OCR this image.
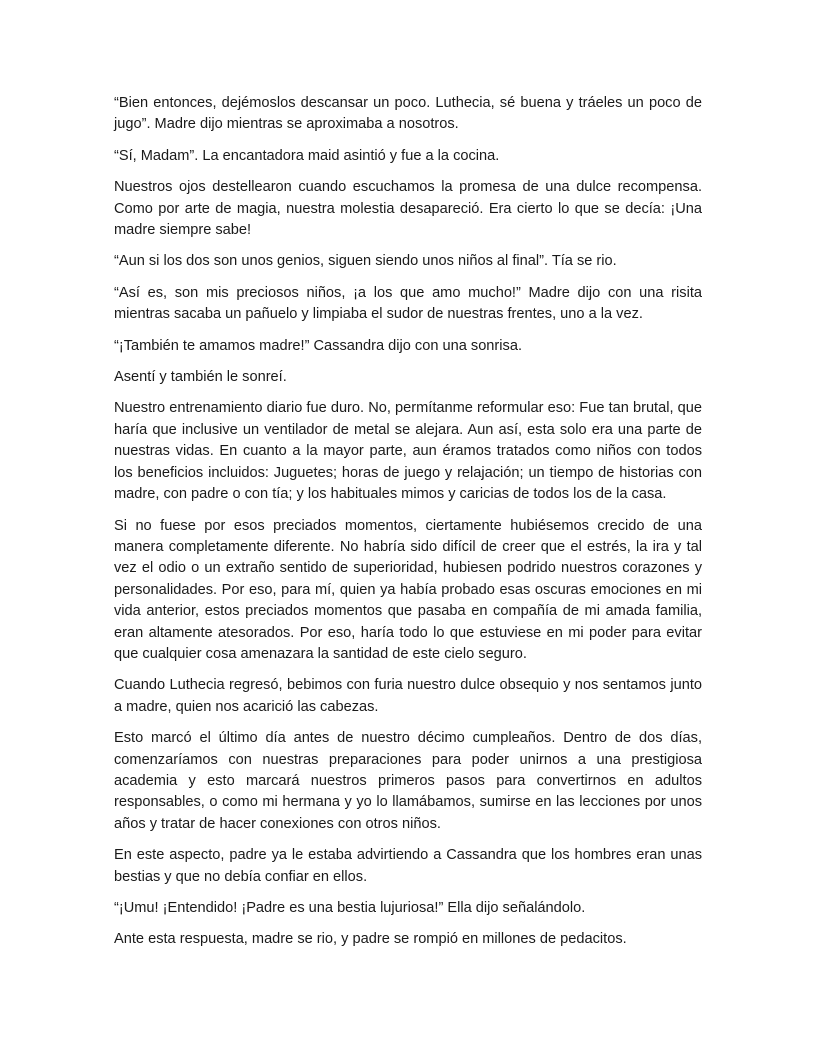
“Bien entonces, dejémoslos descansar un poco. Luthecia, sé buena y tráeles un poco de jugo”. Madre dijo mientras se aproximaba a nosotros.

“Sí, Madam”. La encantadora maid asintió y fue a la cocina.

Nuestros ojos destellearon cuando escuchamos la promesa de una dulce recompensa. Como por arte de magia, nuestra molestia desapareció. Era cierto lo que se decía: ¡Una madre siempre sabe!

“Aun si los dos son unos genios, siguen siendo unos niños al final”. Tía se rio.

“Así es, son mis preciosos niños, ¡a los que amo mucho!” Madre dijo con una risita mientras sacaba un pañuelo y limpiaba el sudor de nuestras frentes, uno a la vez.

“¡También te amamos madre!” Cassandra dijo con una sonrisa.

Asentí y también le sonreí.

Nuestro entrenamiento diario fue duro. No, permítanme reformular eso: Fue tan brutal, que haría que inclusive un ventilador de metal se alejara. Aun así, esta solo era una parte de nuestras vidas. En cuanto a la mayor parte, aun éramos tratados como niños con todos los beneficios incluidos: Juguetes; horas de juego y relajación; un tiempo de historias con madre, con padre o con tía; y los habituales mimos y caricias de todos los de la casa.

Si no fuese por esos preciados momentos, ciertamente hubiésemos crecido de una manera completamente diferente. No habría sido difícil de creer que el estrés, la ira y tal vez el odio o un extraño sentido de superioridad, hubiesen podrido nuestros corazones y personalidades. Por eso, para mí, quien ya había probado esas oscuras emociones en mi vida anterior, estos preciados momentos que pasaba en compañía de mi amada familia, eran altamente atesorados. Por eso, haría todo lo que estuviese en mi poder para evitar que cualquier cosa amenazara la santidad de este cielo seguro.

Cuando Luthecia regresó, bebimos con furia nuestro dulce obsequio y nos sentamos junto a madre, quien nos acarició las cabezas.

Esto marcó el último día antes de nuestro décimo cumpleaños. Dentro de dos días, comenzaríamos con nuestras preparaciones para poder unirnos a una prestigiosa academia y esto marcará nuestros primeros pasos para convertirnos en adultos responsables, o como mi hermana y yo lo llamábamos, sumirse en las lecciones por unos años y tratar de hacer conexiones con otros niños.

En este aspecto, padre ya le estaba advirtiendo a Cassandra que los hombres eran unas bestias y que no debía confiar en ellos.

“¡Umu! ¡Entendido! ¡Padre es una bestia lujuriosa!” Ella dijo señalándolo.

Ante esta respuesta, madre se rio, y padre se rompió en millones de pedacitos.
